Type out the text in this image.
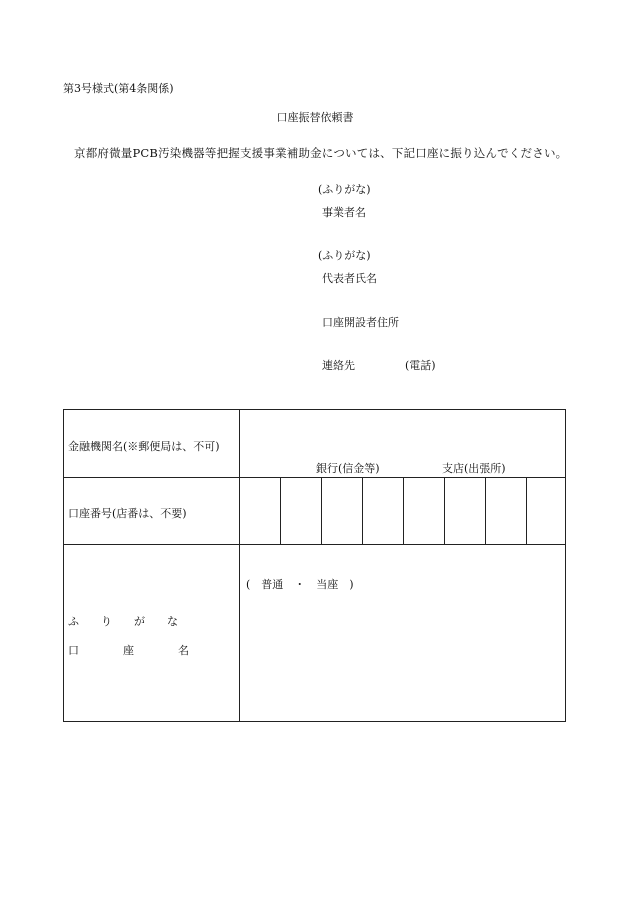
第3号様式(第4条関係)
口座振替依頼書
京都府微量PCB汚染機器等把握支援事業補助金については、下記口座に振り込んでください。
(ふりがな)
事業者名
(ふりがな)
代表者氏名
口座開設者住所
連絡先	(電話)
金融機関名(※郵便局は、不可)
銀行(信金等)	支店(出張所)
口座番号(店番は、不要)
(　普通　・　当座　)
ふ　　り　　が　　な
口　　　　座　　　　名
